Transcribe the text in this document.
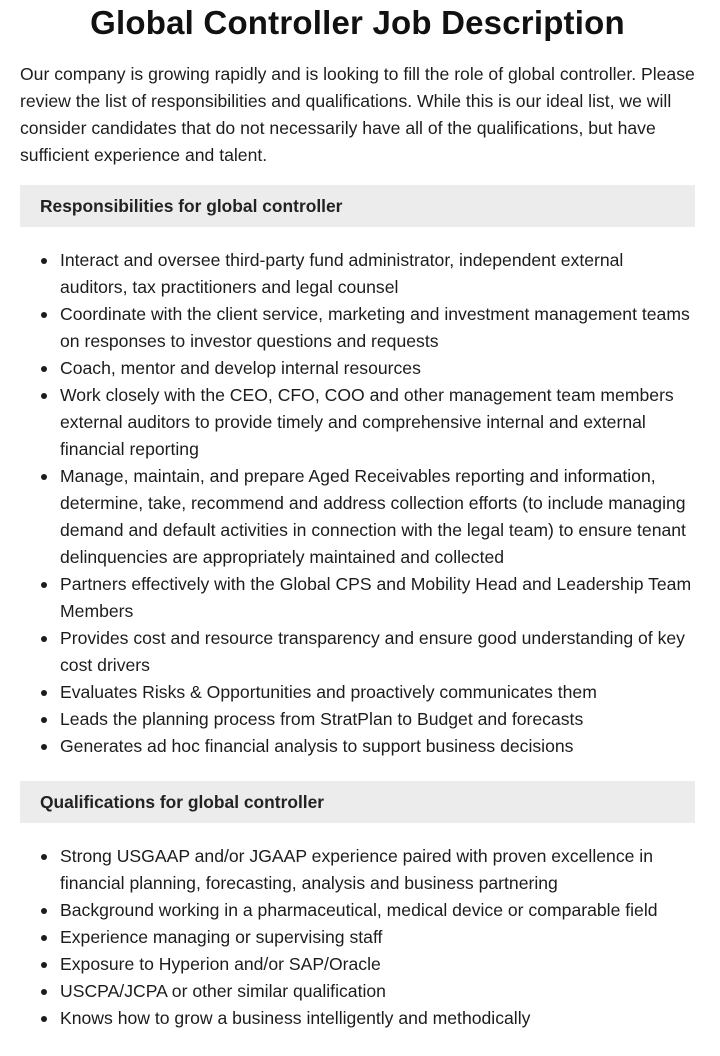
Global Controller Job Description

Our company is growing rapidly and is looking to fill the role of global controller. Please review the list of responsibilities and qualifications. While this is our ideal list, we will consider candidates that do not necessarily have all of the qualifications, but have sufficient experience and talent.

Responsibilities for global controller
Interact and oversee third-party fund administrator, independent external auditors, tax practitioners and legal counsel
Coordinate with the client service, marketing and investment management teams on responses to investor questions and requests
Coach, mentor and develop internal resources
Work closely with the CEO, CFO, COO and other management team members external auditors to provide timely and comprehensive internal and external financial reporting
Manage, maintain, and prepare Aged Receivables reporting and information, determine, take, recommend and address collection efforts (to include managing demand and default activities in connection with the legal team) to ensure tenant delinquencies are appropriately maintained and collected
Partners effectively with the Global CPS and Mobility Head and Leadership Team Members
Provides cost and resource transparency and ensure good understanding of key cost drivers
Evaluates Risks & Opportunities and proactively communicates them
Leads the planning process from StratPlan to Budget and forecasts
Generates ad hoc financial analysis to support business decisions
Qualifications for global controller
Strong USGAAP and/or JGAAP experience paired with proven excellence in financial planning, forecasting, analysis and business partnering
Background working in a pharmaceutical, medical device or comparable field
Experience managing or supervising staff
Exposure to Hyperion and/or SAP/Oracle
USCPA/JCPA or other similar qualification
Knows how to grow a business intelligently and methodically
